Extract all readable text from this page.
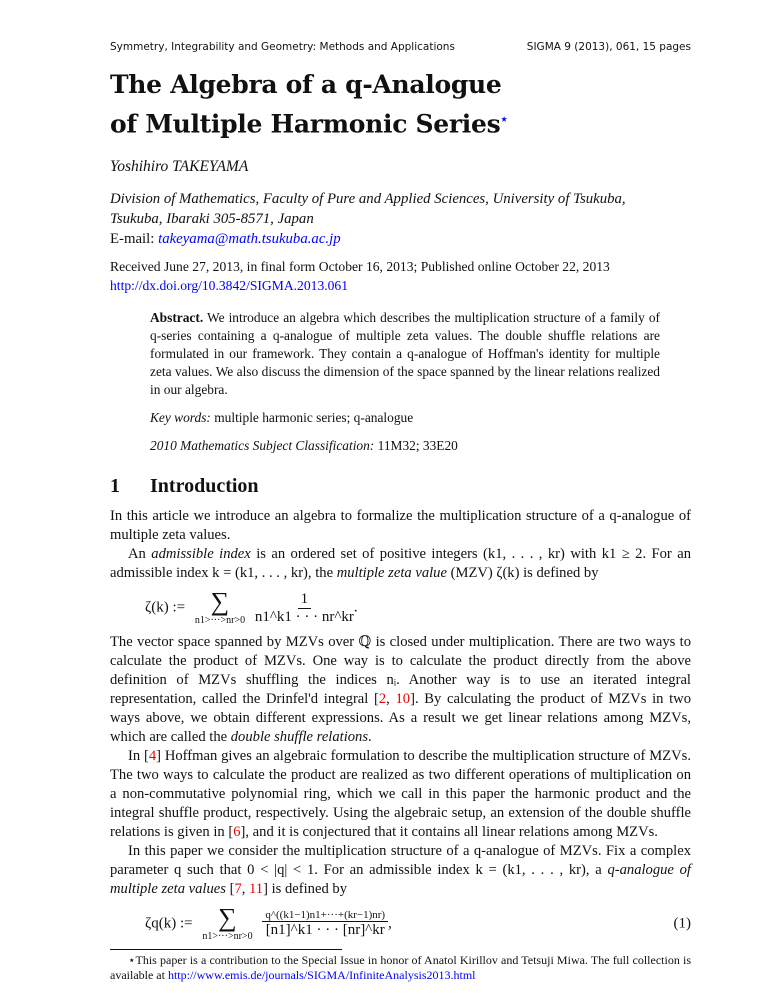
Symmetry, Integrability and Geometry: Methods and Applications	SIGMA 9 (2013), 061, 15 pages
The Algebra of a q-Analogue
of Multiple Harmonic Series⋆
Yoshihiro TAKEYAMA
Division of Mathematics, Faculty of Pure and Applied Sciences, University of Tsukuba,
Tsukuba, Ibaraki 305-8571, Japan
E-mail: takeyama@math.tsukuba.ac.jp
Received June 27, 2013, in final form October 16, 2013; Published online October 22, 2013
http://dx.doi.org/10.3842/SIGMA.2013.061
Abstract. We introduce an algebra which describes the multiplication structure of a family of q-series containing a q-analogue of multiple zeta values. The double shuffle relations are formulated in our framework. They contain a q-analogue of Hoffman's identity for multiple zeta values. We also discuss the dimension of the space spanned by the linear relations realized in our algebra.
Key words: multiple harmonic series; q-analogue
2010 Mathematics Subject Classification: 11M32; 33E20
1 Introduction

In this article we introduce an algebra to formalize the multiplication structure of a q-analogue of multiple zeta values.

An admissible index is an ordered set of positive integers (k1, . . . , kr) with k1 ≥ 2. For an admissible index k = (k1, . . . , kr), the multiple zeta value (MZV) ζ(k) is defined by

ζ(k) := ∑
n1>···>nr>0
$\frac{1}{n1\^{}k1 \cdot \cdot \cdot nr\^{}kr}$ .

The vector space spanned by MZVs over ℚ is closed under multiplication. There are two ways to calculate the product of MZVs. One way is to calculate the product directly from the above definition of MZVs shuffling the indices nᵢ. Another way is to use an iterated integral representation, called the Drinfel'd integral [2, 10]. By calculating the product of MZVs in two ways above, we obtain different expressions. As a result we get linear relations among MZVs, which are called the double shuffle relations.

In [4] Hoffman gives an algebraic formulation to describe the multiplication structure of MZVs. The two ways to calculate the product are realized as two different operations of multiplication on a non-commutative polynomial ring, which we call in this paper the harmonic product and the integral shuffle product, respectively. Using the algebraic setup, an extension of the double shuffle relations is given in [6], and it is conjectured that it contains all linear relations among MZVs.

In this paper we consider the multiplication structure of a q-analogue of MZVs. Fix a complex parameter q such that 0 < |q| < 1. For an admissible index k = (k1, . . . , kr), a q-analogue of multiple zeta values [7, 11] is defined by

ζq(k) := ∑
n1>···>nr>0
$\frac{q\^{}((k1-1)n1+\cdot\cdot\cdot+(kr-1)nr)}{[n1]\^{}k1 \cdot \cdot \cdot [nr]\^{}kr}$ ,	(1)
⋆This paper is a contribution to the Special Issue in honor of Anatol Kirillov and Tetsuji Miwa. The full collection is available at http://www.emis.de/journals/SIGMA/InfiniteAnalysis2013.html
